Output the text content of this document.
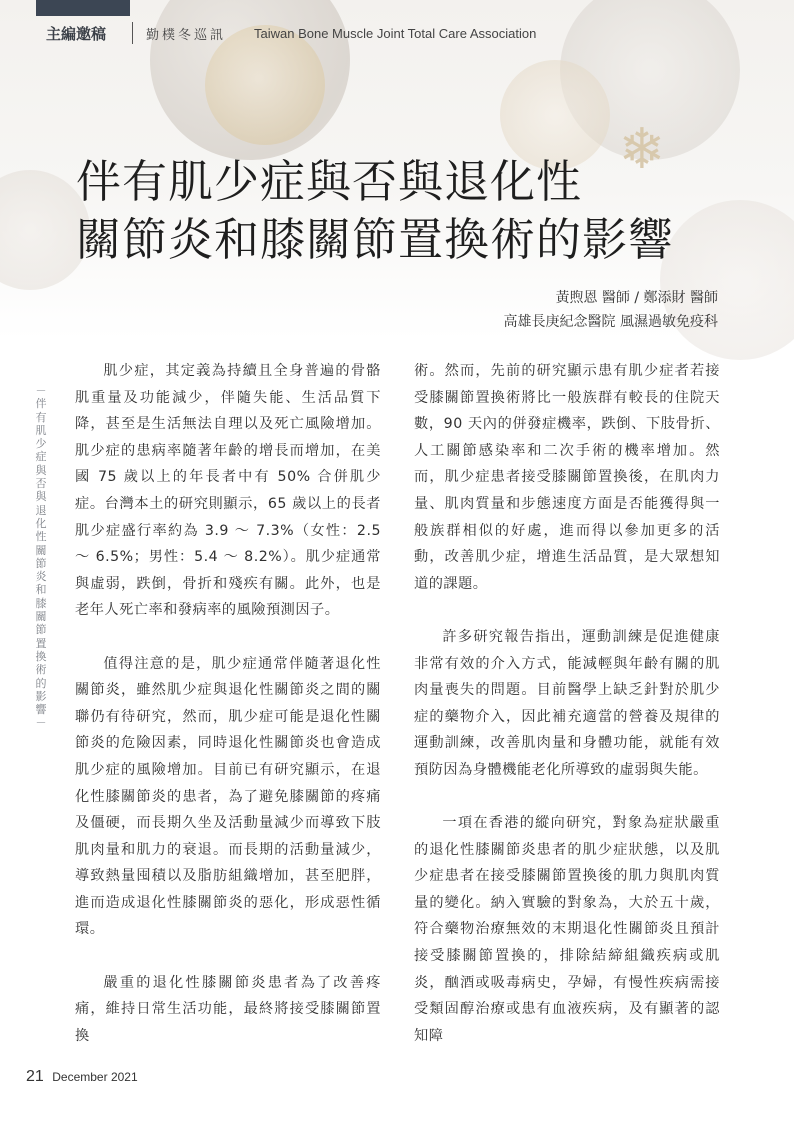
❄
主編邀稿	勤樸冬巡訊 Taiwan Bone Muscle Joint Total Care Association
伴有肌少症與否與退化性
關節炎和膝關節置換術的影響
黃煦恩 醫師 / 鄭添財 醫師
高雄長庚紀念醫院 風濕過敏免疫科
－伴有肌少症與否與退化性關節炎和膝關節置換術的影響－

肌少症，其定義為持續且全身普遍的骨骼肌重量及功能減少，伴隨失能、生活品質下降，甚至是生活無法自理以及死亡風險增加。肌少症的患病率隨著年齡的增長而增加，在美國 75 歲以上的年長者中有 50% 合併肌少症。台灣本土的研究則顯示，65 歲以上的長者肌少症盛行率約為 3.9 ～ 7.3%（女性：2.5 ～ 6.5%；男性：5.4 ～ 8.2%）。肌少症通常與虛弱，跌倒，骨折和殘疾有關。此外，也是老年人死亡率和發病率的風險預測因子。

值得注意的是，肌少症通常伴隨著退化性關節炎，雖然肌少症與退化性關節炎之間的關聯仍有待研究，然而，肌少症可能是退化性關節炎的危險因素，同時退化性關節炎也會造成肌少症的風險增加。目前已有研究顯示，在退化性膝關節炎的患者，為了避免膝關節的疼痛及僵硬，而長期久坐及活動量減少而導致下肢肌肉量和肌力的衰退。而長期的活動量減少，導致熱量囤積以及脂肪組織增加，甚至肥胖，進而造成退化性膝關節炎的惡化，形成惡性循環。

嚴重的退化性膝關節炎患者為了改善疼痛，維持日常生活功能，最終將接受膝關節置換

術。然而，先前的研究顯示患有肌少症者若接受膝關節置換術將比一般族群有較長的住院天數，90 天內的併發症機率，跌倒、下肢骨折、人工關節感染率和二次手術的機率增加。然而，肌少症患者接受膝關節置換後，在肌肉力量、肌肉質量和步態速度方面是否能獲得與一般族群相似的好處，進而得以參加更多的活動，改善肌少症，增進生活品質，是大眾想知道的課題。

許多研究報告指出，運動訓練是促進健康非常有效的介入方式，能減輕與年齡有關的肌肉量喪失的問題。目前醫學上缺乏針對於肌少症的藥物介入，因此補充適當的營養及規律的運動訓練，改善肌肉量和身體功能，就能有效預防因為身體機能老化所導致的虛弱與失能。

一項在香港的縱向研究，對象為症狀嚴重的退化性膝關節炎患者的肌少症狀態，以及肌少症患者在接受膝關節置換後的肌力與肌肉質量的變化。納入實驗的對象為，大於五十歲，符合藥物治療無效的末期退化性關節炎且預計接受膝關節置換的，排除結締組織疾病或肌炎，酗酒或吸毒病史，孕婦，有慢性疾病需接受類固醇治療或患有血液疾病，及有顯著的認知障

21 December 2021
